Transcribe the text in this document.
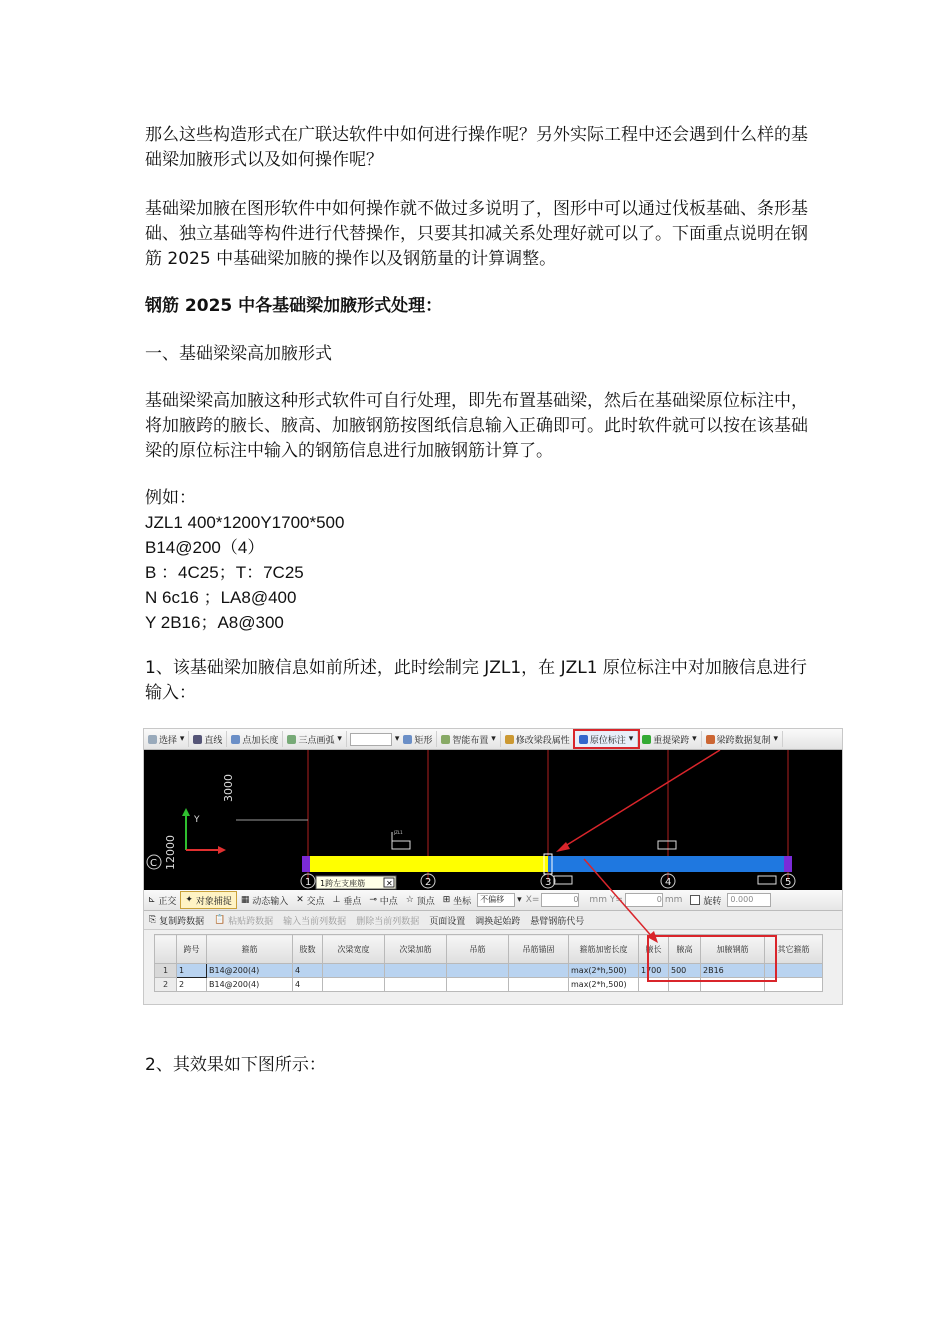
那么这些构造形式在广联达软件中如何进行操作呢？另外实际工程中还会遇到什么样的基础梁加腋形式以及如何操作呢？

基础梁加腋在图形软件中如何操作就不做过多说明了，图形中可以通过伐板基础、条形基础、独立基础等构件进行代替操作，只要其扣减关系处理好就可以了。下面重点说明在钢筋 2025 中基础梁加腋的操作以及钢筋量的计算调整。

钢筋 2025 中各基础梁加腋形式处理：

一、基础梁梁高加腋形式

基础梁梁高加腋这种形式软件可自行处理，即先布置基础梁，然后在基础梁原位标注中，将加腋跨的腋长、腋高、加腋钢筋按图纸信息输入正确即可。此时软件就可以按在该基础梁的原位标注中输入的钢筋信息进行加腋钢筋计算了。

例如：

JZL1 400*1200Y1700*500
B14@200（4）
B ：4C25；T：7C25
N 6c16 ；LA8@400
Y 2B16；A8@300

1、该基础梁加腋信息如前所述，此时绘制完 JZL1，在 JZL1 原位标注中对加腋信息进行输入：

选择 ▾	直线 点加长度 三点画弧 ▾	▾ 矩形 智能布置 ▾	修改梁段属性 原位标注 ▾	重提梁跨 ▾	梁跨数据复制 ▾
3000
12000
Y
C
JZL1
1	2	3	4	5
1跨左支座筋	✕
⊾ 正交 ✦ 对象捕捉 ▦ 动态输入 ✕ 交点 ⊥ 垂点 ⊸ 中点 ☆ 顶点 ⊞ 坐标	不偏移	▾ X=	0 mm Y=	0 mm 旋转	0.000
⎘ 复制跨数据 📋 粘贴跨数据	输入当前列数据	删除当前列数据	页面设置	调换起始跨	悬臂钢筋代号
	跨号	箍筋	肢数	次梁宽度	次梁加筋	吊筋	吊筋锚固	箍筋加密长度	腋长	腋高	加腋钢筋	其它箍筋
1	1	B14@200(4)	4					max(2*h,500)	1700	500	2B16	
2	2	B14@200(4)	4					max(2*h,500)				

2、其效果如下图所示：
